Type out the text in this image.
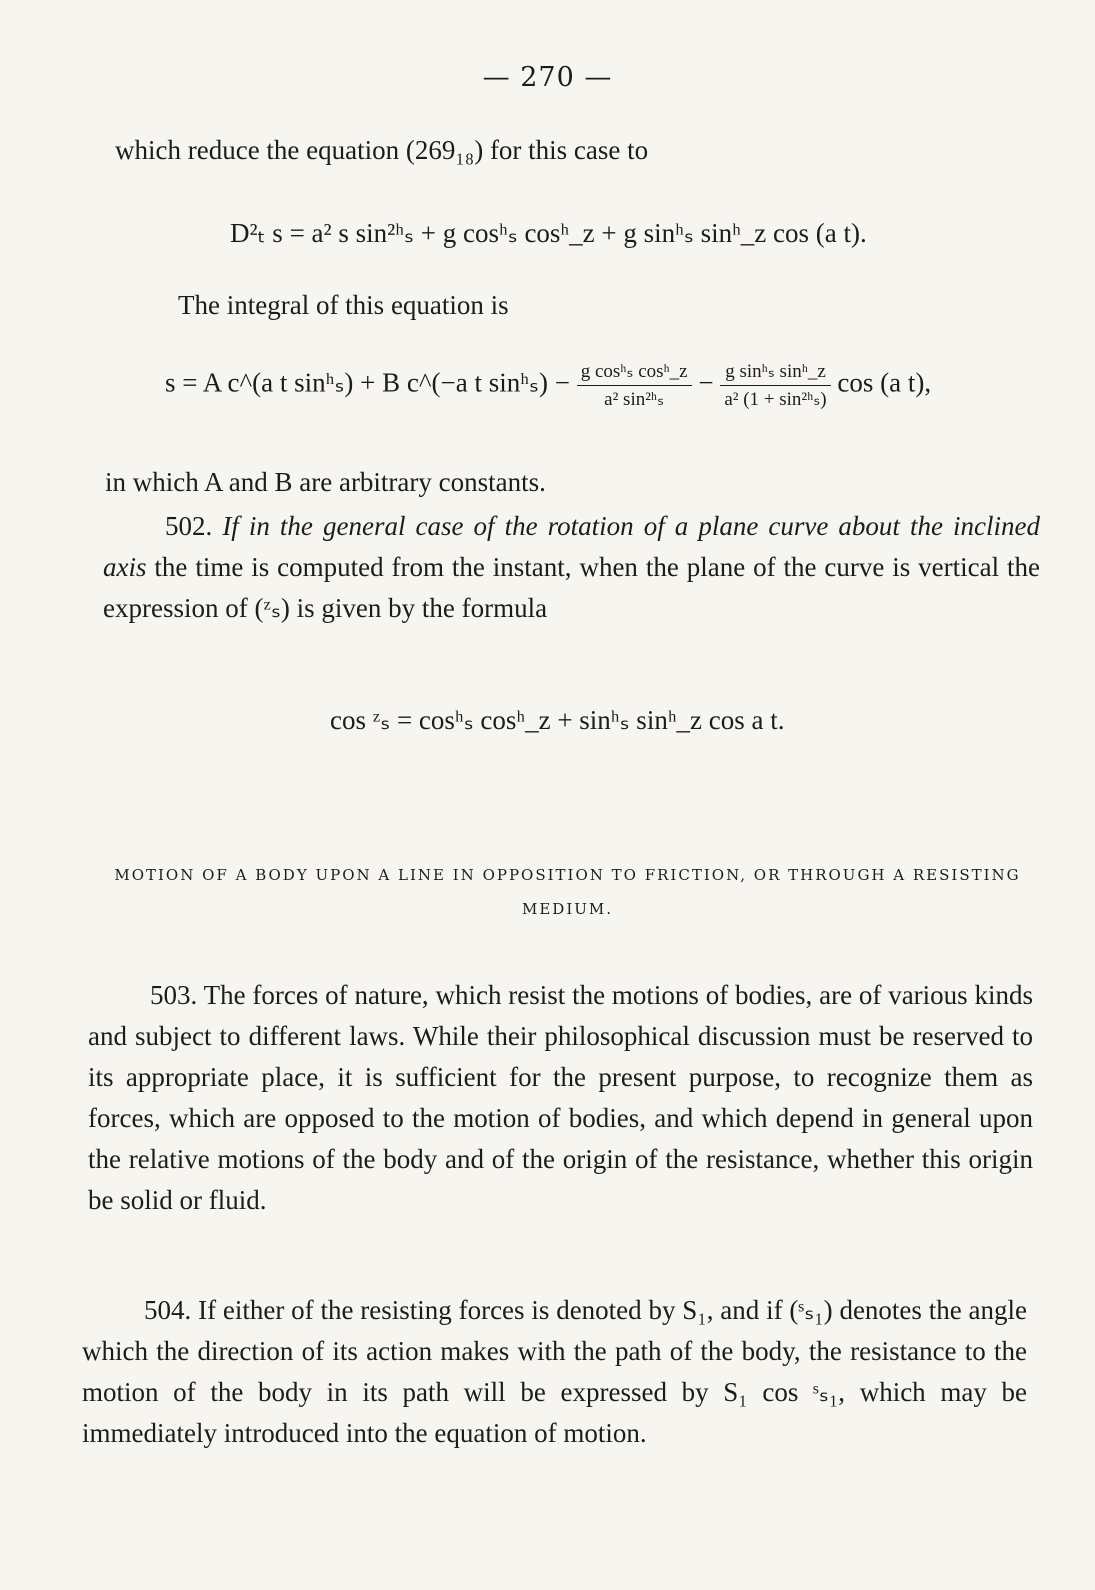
— 270 —
which reduce the equation (269₁₈) for this case to
D²ₜ s = a² s sin²ʰₛ + g cosʰₛ cosʰ_z + g sinʰₛ sinʰ_z cos (a t).
The integral of this equation is
s = A c^(a t sinʰₛ) + B c^(−a t sinʰₛ) − $\frac{\text{g cosʰₛ cosʰ\_z}}{\text{a² sin²ʰₛ}} - \frac{\text{g sinʰₛ sinʰ\_z}}{\text{a² (1 + sin²ʰₛ)}}$ cos (a t),
in which A and B are arbitrary constants.
502. If in the general case of the rotation of a plane curve about the inclined axis the time is computed from the instant, when the plane of the curve is vertical the expression of (ᶻₛ) is given by the formula
cos ᶻₛ = cosʰₛ cosʰ_z + sinʰₛ sinʰ_z cos a t.
MOTION OF A BODY UPON A LINE IN OPPOSITION TO FRICTION, OR THROUGH A RESISTING MEDIUM.
503. The forces of nature, which resist the motions of bodies, are of various kinds and subject to different laws. While their philosophical discussion must be reserved to its appropriate place, it is sufficient for the present purpose, to recognize them as forces, which are opposed to the motion of bodies, and which depend in general upon the relative motions of the body and of the origin of the resistance, whether this origin be solid or fluid.
504. If either of the resisting forces is denoted by S₁, and if (ˢₛ₁) denotes the angle which the direction of its action makes with the path of the body, the resistance to the motion of the body in its path will be expressed by S₁ cos ˢₛ₁, which may be immediately introduced into the equation of motion.
